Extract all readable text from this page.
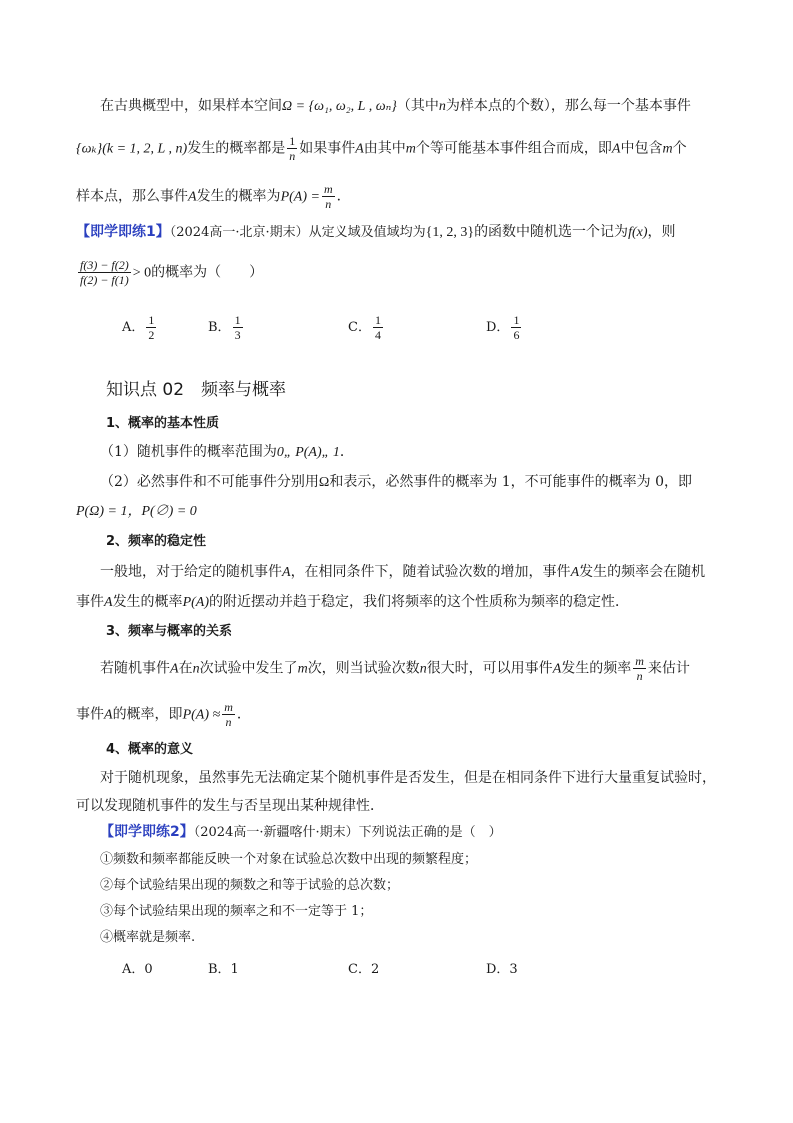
在古典概型中，如果样本空间Ω = {ω₁, ω₂, L , ωₙ}（其中n为样本点的个数），那么每一个基本事件
{ωₖ}(k = 1, 2, L , n)发生的概率都是 $\frac{1}{n}$ 如果事件A由其中m个等可能基本事件组合而成，即A中包含m个
样本点，那么事件A发生的概率为$P(A) = \frac{m}{n}$ ．
【即学即练1】（2024高一·北京·期末）从定义域及值域均为{1, 2, 3}的函数中随机选一个记为f(x)，则
$\frac{f(3) - f(2)}{f(2) - f(1)} > 0$的概率为（　　）
A． $\frac{1}{2}$	B． $\frac{1}{3}$	C． $\frac{1}{4}$	D． $\frac{1}{6}$
知识点 02　频率与概率
1、概率的基本性质
（1）随机事件的概率范围为0„ P(A)„ 1．
（2）必然事件和不可能事件分别用Ω和表示，必然事件的概率为 1，不可能事件的概率为 0，即
P(Ω) = 1，P(∅) = 0
2、频率的稳定性
一般地，对于给定的随机事件A，在相同条件下，随着试验次数的增加，事件A发生的频率会在随机
事件A发生的概率P(A)的附近摆动并趋于稳定，我们将频率的这个性质称为频率的稳定性．
3、频率与概率的关系
若随机事件A在n次试验中发生了m次，则当试验次数n很大时，可以用事件A发生的频率 $\frac{m}{n}$ 来估计
事件A的概率，即$P(A) \approx \frac{m}{n}$ ．
4、概率的意义
对于随机现象，虽然事先无法确定某个随机事件是否发生，但是在相同条件下进行大量重复试验时，
可以发现随机事件的发生与否呈现出某种规律性．
【即学即练2】（2024高一·新疆喀什·期末）下列说法正确的是（　）
①频数和频率都能反映一个对象在试验总次数中出现的频繁程度；
②每个试验结果出现的频数之和等于试验的总次数；
③每个试验结果出现的频率之和不一定等于 1；
④概率就是频率.
A．0	B．1	C．2	D．3
